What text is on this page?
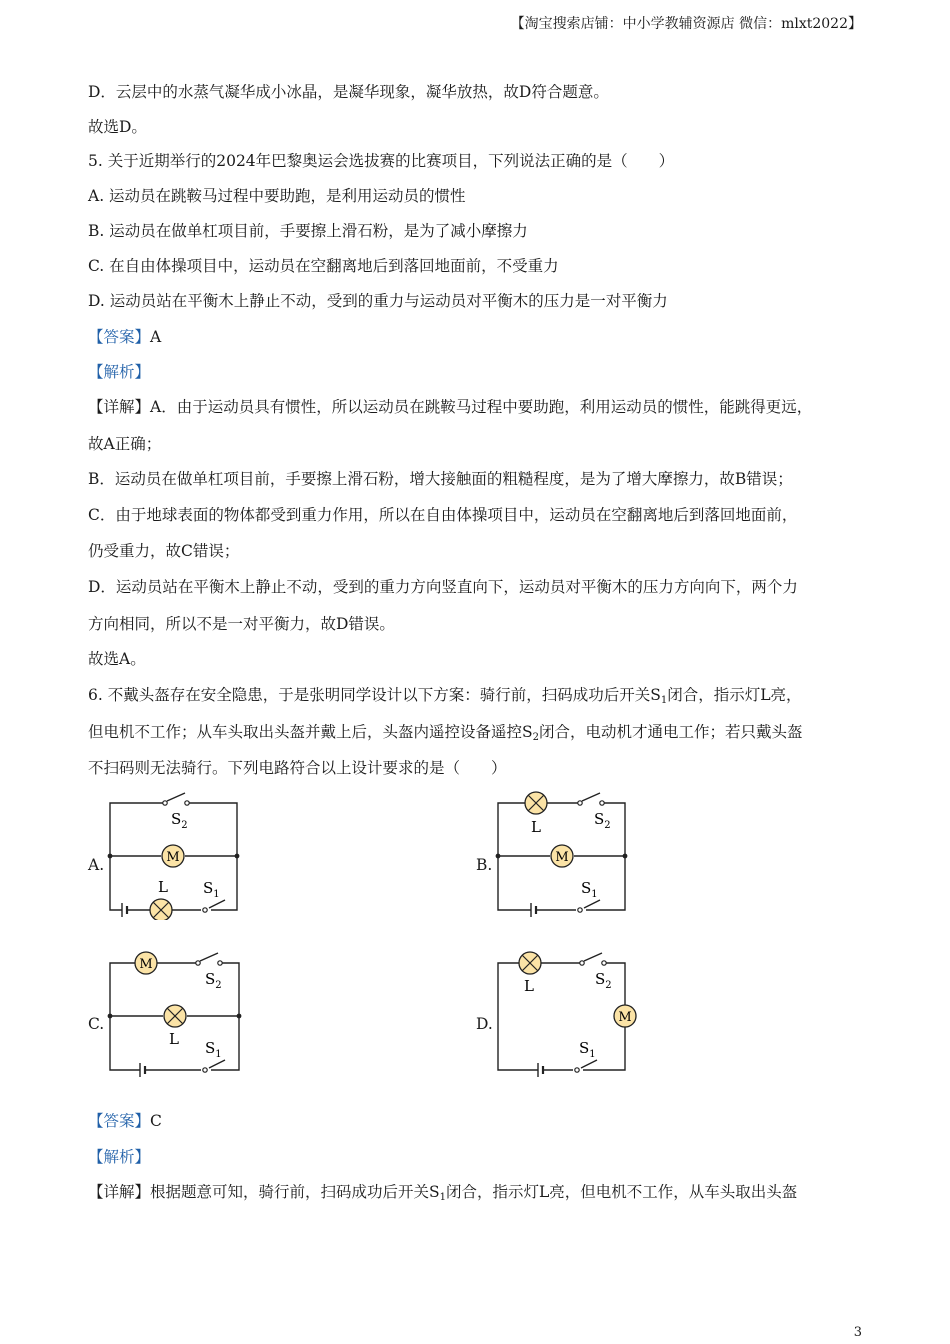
【淘宝搜索店铺：中小学教辅资源店 微信：mlxt2022】
D．云层中的水蒸气凝华成小冰晶，是凝华现象，凝华放热，故D符合题意。
故选D。
5. 关于近期举行的2024年巴黎奥运会选拔赛的比赛项目，下列说法正确的是（　　）
A. 运动员在跳鞍马过程中要助跑，是利用运动员的惯性
B. 运动员在做单杠项目前，手要擦上滑石粉，是为了减小摩擦力
C. 在自由体操项目中，运动员在空翻离地后到落回地面前，不受重力
D. 运动员站在平衡木上静止不动，受到的重力与运动员对平衡木的压力是一对平衡力
【答案】A
【解析】
【详解】A．由于运动员具有惯性，所以运动员在跳鞍马过程中要助跑，利用运动员的惯性，能跳得更远，
故A正确；
B．运动员在做单杠项目前，手要擦上滑石粉，增大接触面的粗糙程度，是为了增大摩擦力，故B错误；
C．由于地球表面的物体都受到重力作用，所以在自由体操项目中，运动员在空翻离地后到落回地面前，
仍受重力，故C错误；
D．运动员站在平衡木上静止不动，受到的重力方向竖直向下，运动员对平衡木的压力方向向下，两个力
方向相同，所以不是一对平衡力，故D错误。
故选A。
6. 不戴头盔存在安全隐患，于是张明同学设计以下方案：骑行前，扫码成功后开关$S_1$闭合，指示灯L亮，
但电机不工作；从车头取出头盔并戴上后，头盔内遥控设备遥控$S_2$闭合，电动机才通电工作；若只戴头盔
不扫码则无法骑行。下列电路符合以上设计要求的是（　　）
A.	B.
C.	D.
M
$S_2$
L $S_1$
M
L	$S_2$
$S_1$
M
$S_2$
L $S_1$
M
L	$S_2$
$S_1$
【答案】C
【解析】
【详解】根据题意可知，骑行前，扫码成功后开关$S_1$闭合，指示灯L亮，但电机不工作，从车头取出头盔
3
